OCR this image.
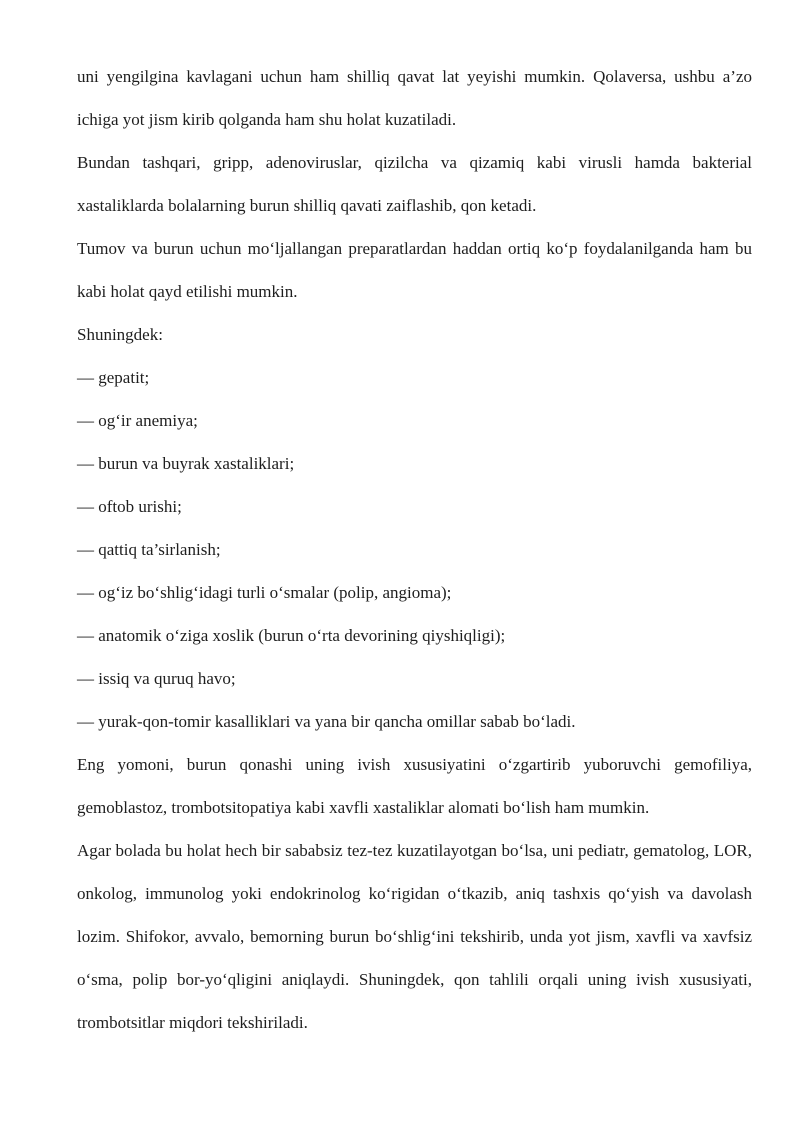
uni yengilgina kavlagani uchun ham shilliq qavat lat yeyishi mumkin. Qolaversa, ushbu a’zo ichiga yot jism kirib qolganda ham shu holat kuzatiladi.

Bundan tashqari, gripp, adenoviruslar, qizilcha va qizamiq kabi virusli hamda bakterial xastaliklarda bolalarning burun shilliq qavati zaiflashib, qon ketadi.

Tumov va burun uchun mo‘ljallangan preparatlardan haddan ortiq ko‘p foydalanilganda ham bu kabi holat qayd etilishi mumkin.

Shuningdek:

— gepatit;
— og‘ir anemiya;
— burun va buyrak xastaliklari;
— oftob urishi;
— qattiq ta’sirlanish;
— og‘iz bo‘shlig‘idagi turli o‘smalar (polip, angioma);
— anatomik o‘ziga xoslik (burun o‘rta devorining qiyshiqligi);
— issiq va quruq havo;
— yurak-qon-tomir kasalliklari va yana bir qancha omillar sabab bo‘ladi.

Eng yomoni, burun qonashi uning ivish xususiyatini o‘zgartirib yuboruvchi gemofiliya, gemoblastoz, trombotsitopatiya kabi xavfli xastaliklar alomati bo‘lish ham mumkin.

Agar bolada bu holat hech bir sababsiz tez-tez kuzatilayotgan bo‘lsa, uni pediatr, gematolog, LOR, onkolog, immunolog yoki endokrinolog ko‘rigidan o‘tkazib, aniq tashxis qo‘yish va davolash lozim. Shifokor, avvalo, bemorning burun bo‘shlig‘ini tekshirib, unda yot jism, xavfli va xavfsiz o‘sma, polip bor-yo‘qligini aniqlaydi. Shuningdek, qon tahlili orqali uning ivish xususiyati, trombotsitlar miqdori tekshiriladi.
